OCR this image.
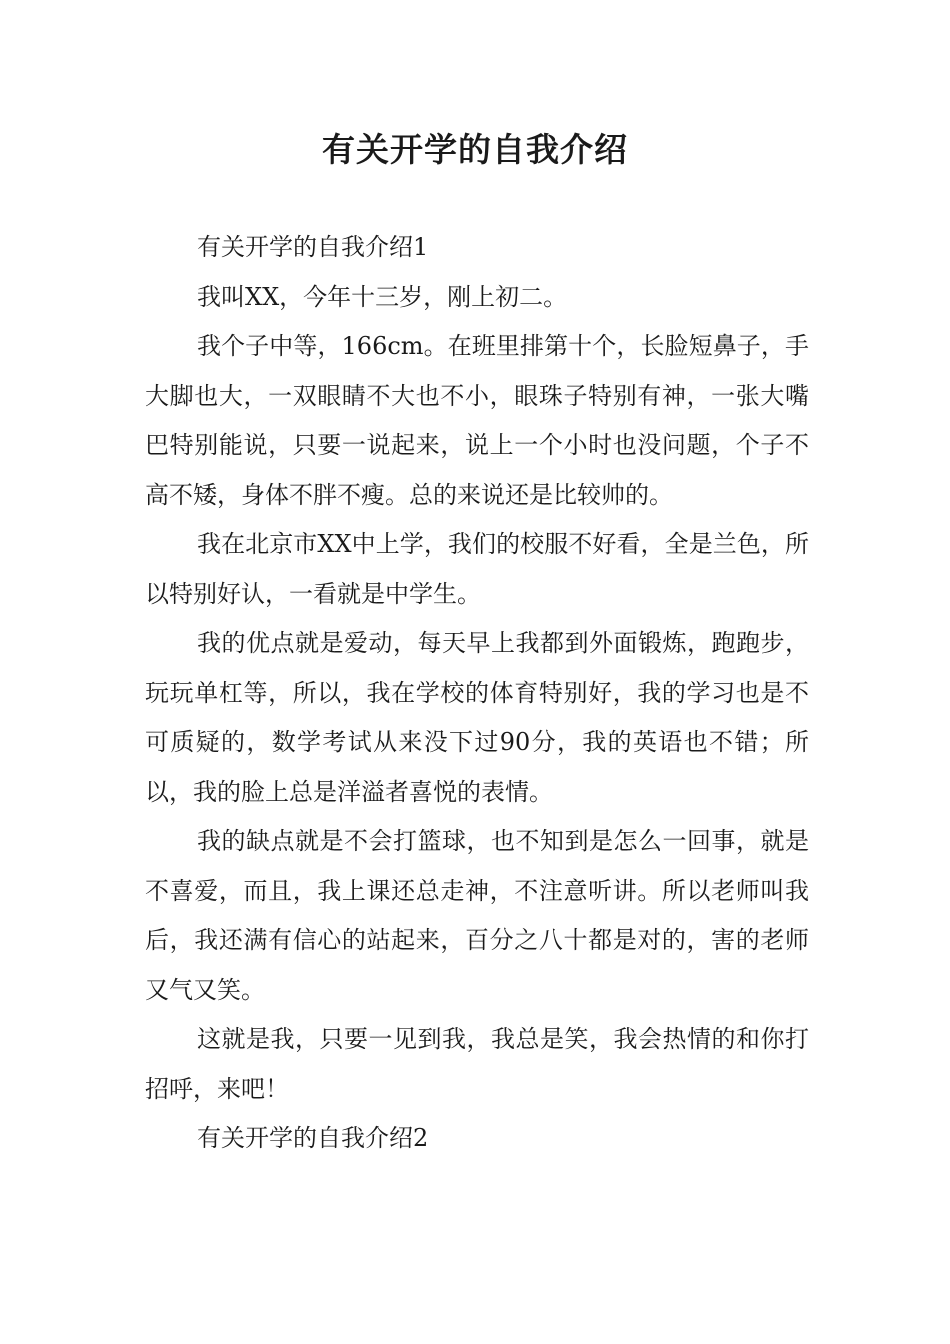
有关开学的自我介绍

有关开学的自我介绍1

我叫XX，今年十三岁，刚上初二。

我个子中等，166cm。在班里排第十个，长脸短鼻子，手大脚也大，一双眼睛不大也不小，眼珠子特别有神，一张大嘴巴特别能说，只要一说起来，说上一个小时也没问题，个子不高不矮，身体不胖不瘦。总的来说还是比较帅的。

我在北京市XX中上学，我们的校服不好看，全是兰色，所以特别好认，一看就是中学生。

我的优点就是爱动，每天早上我都到外面锻炼，跑跑步，玩玩单杠等，所以，我在学校的体育特别好，我的学习也是不可质疑的，数学考试从来没下过90分，我的英语也不错；所以，我的脸上总是洋溢者喜悦的表情。

我的缺点就是不会打篮球，也不知到是怎么一回事，就是不喜爱，而且，我上课还总走神，不注意听讲。所以老师叫我后，我还满有信心的站起来，百分之八十都是对的，害的老师又气又笑。

这就是我，只要一见到我，我总是笑，我会热情的和你打招呼，来吧！

有关开学的自我介绍2
